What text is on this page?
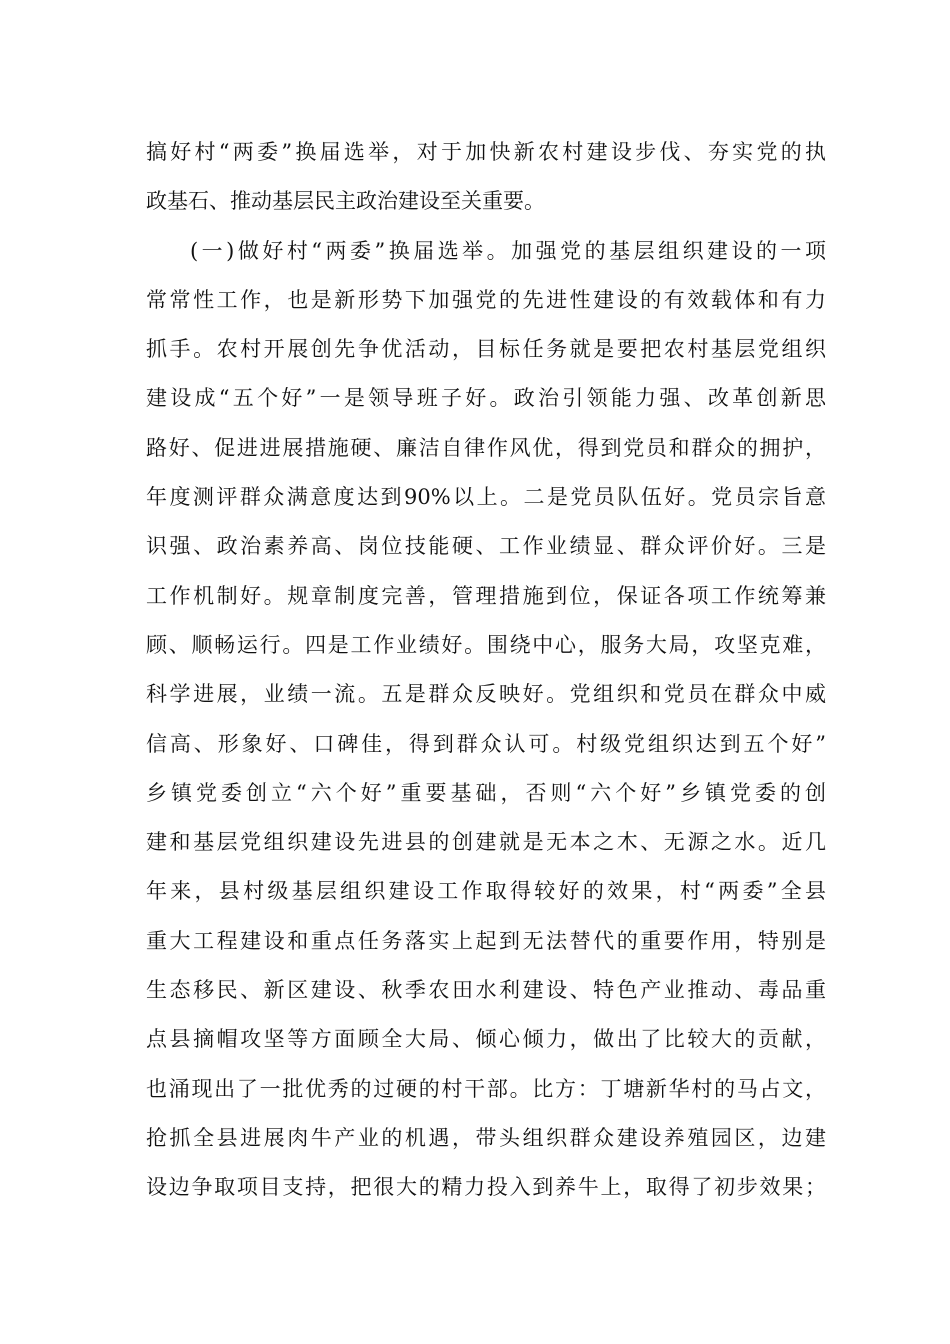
搞好村“两委”换届选举，对于加快新农村建设步伐、夯实党的执
政基石、推动基层民主政治建设至关重要。
(一)做好村“两委”换届选举。加强党的基层组织建设的一项
常常性工作，也是新形势下加强党的先进性建设的有效载体和有力
抓手。农村开展创先争优活动，目标任务就是要把农村基层党组织
建设成“五个好”一是领导班子好。政治引领能力强、改革创新思
路好、促进进展措施硬、廉洁自律作风优，得到党员和群众的拥护，
年度测评群众满意度达到90%以上。二是党员队伍好。党员宗旨意
识强、政治素养高、岗位技能硬、工作业绩显、群众评价好。三是
工作机制好。规章制度完善，管理措施到位，保证各项工作统筹兼
顾、顺畅运行。四是工作业绩好。围绕中心，服务大局，攻坚克难，
科学进展，业绩一流。五是群众反映好。党组织和党员在群众中威
信高、形象好、口碑佳，得到群众认可。村级党组织达到五个好”
乡镇党委创立“六个好”重要基础，否则“六个好”乡镇党委的创
建和基层党组织建设先进县的创建就是无本之木、无源之水。近几
年来，县村级基层组织建设工作取得较好的效果，村“两委”全县
重大工程建设和重点任务落实上起到无法替代的重要作用，特别是
生态移民、新区建设、秋季农田水利建设、特色产业推动、毒品重
点县摘帽攻坚等方面顾全大局、倾心倾力，做出了比较大的贡献，
也涌现出了一批优秀的过硬的村干部。比方：丁塘新华村的马占文，
抢抓全县进展肉牛产业的机遇，带头组织群众建设养殖园区，边建
设边争取项目支持，把很大的精力投入到养牛上，取得了初步效果；
